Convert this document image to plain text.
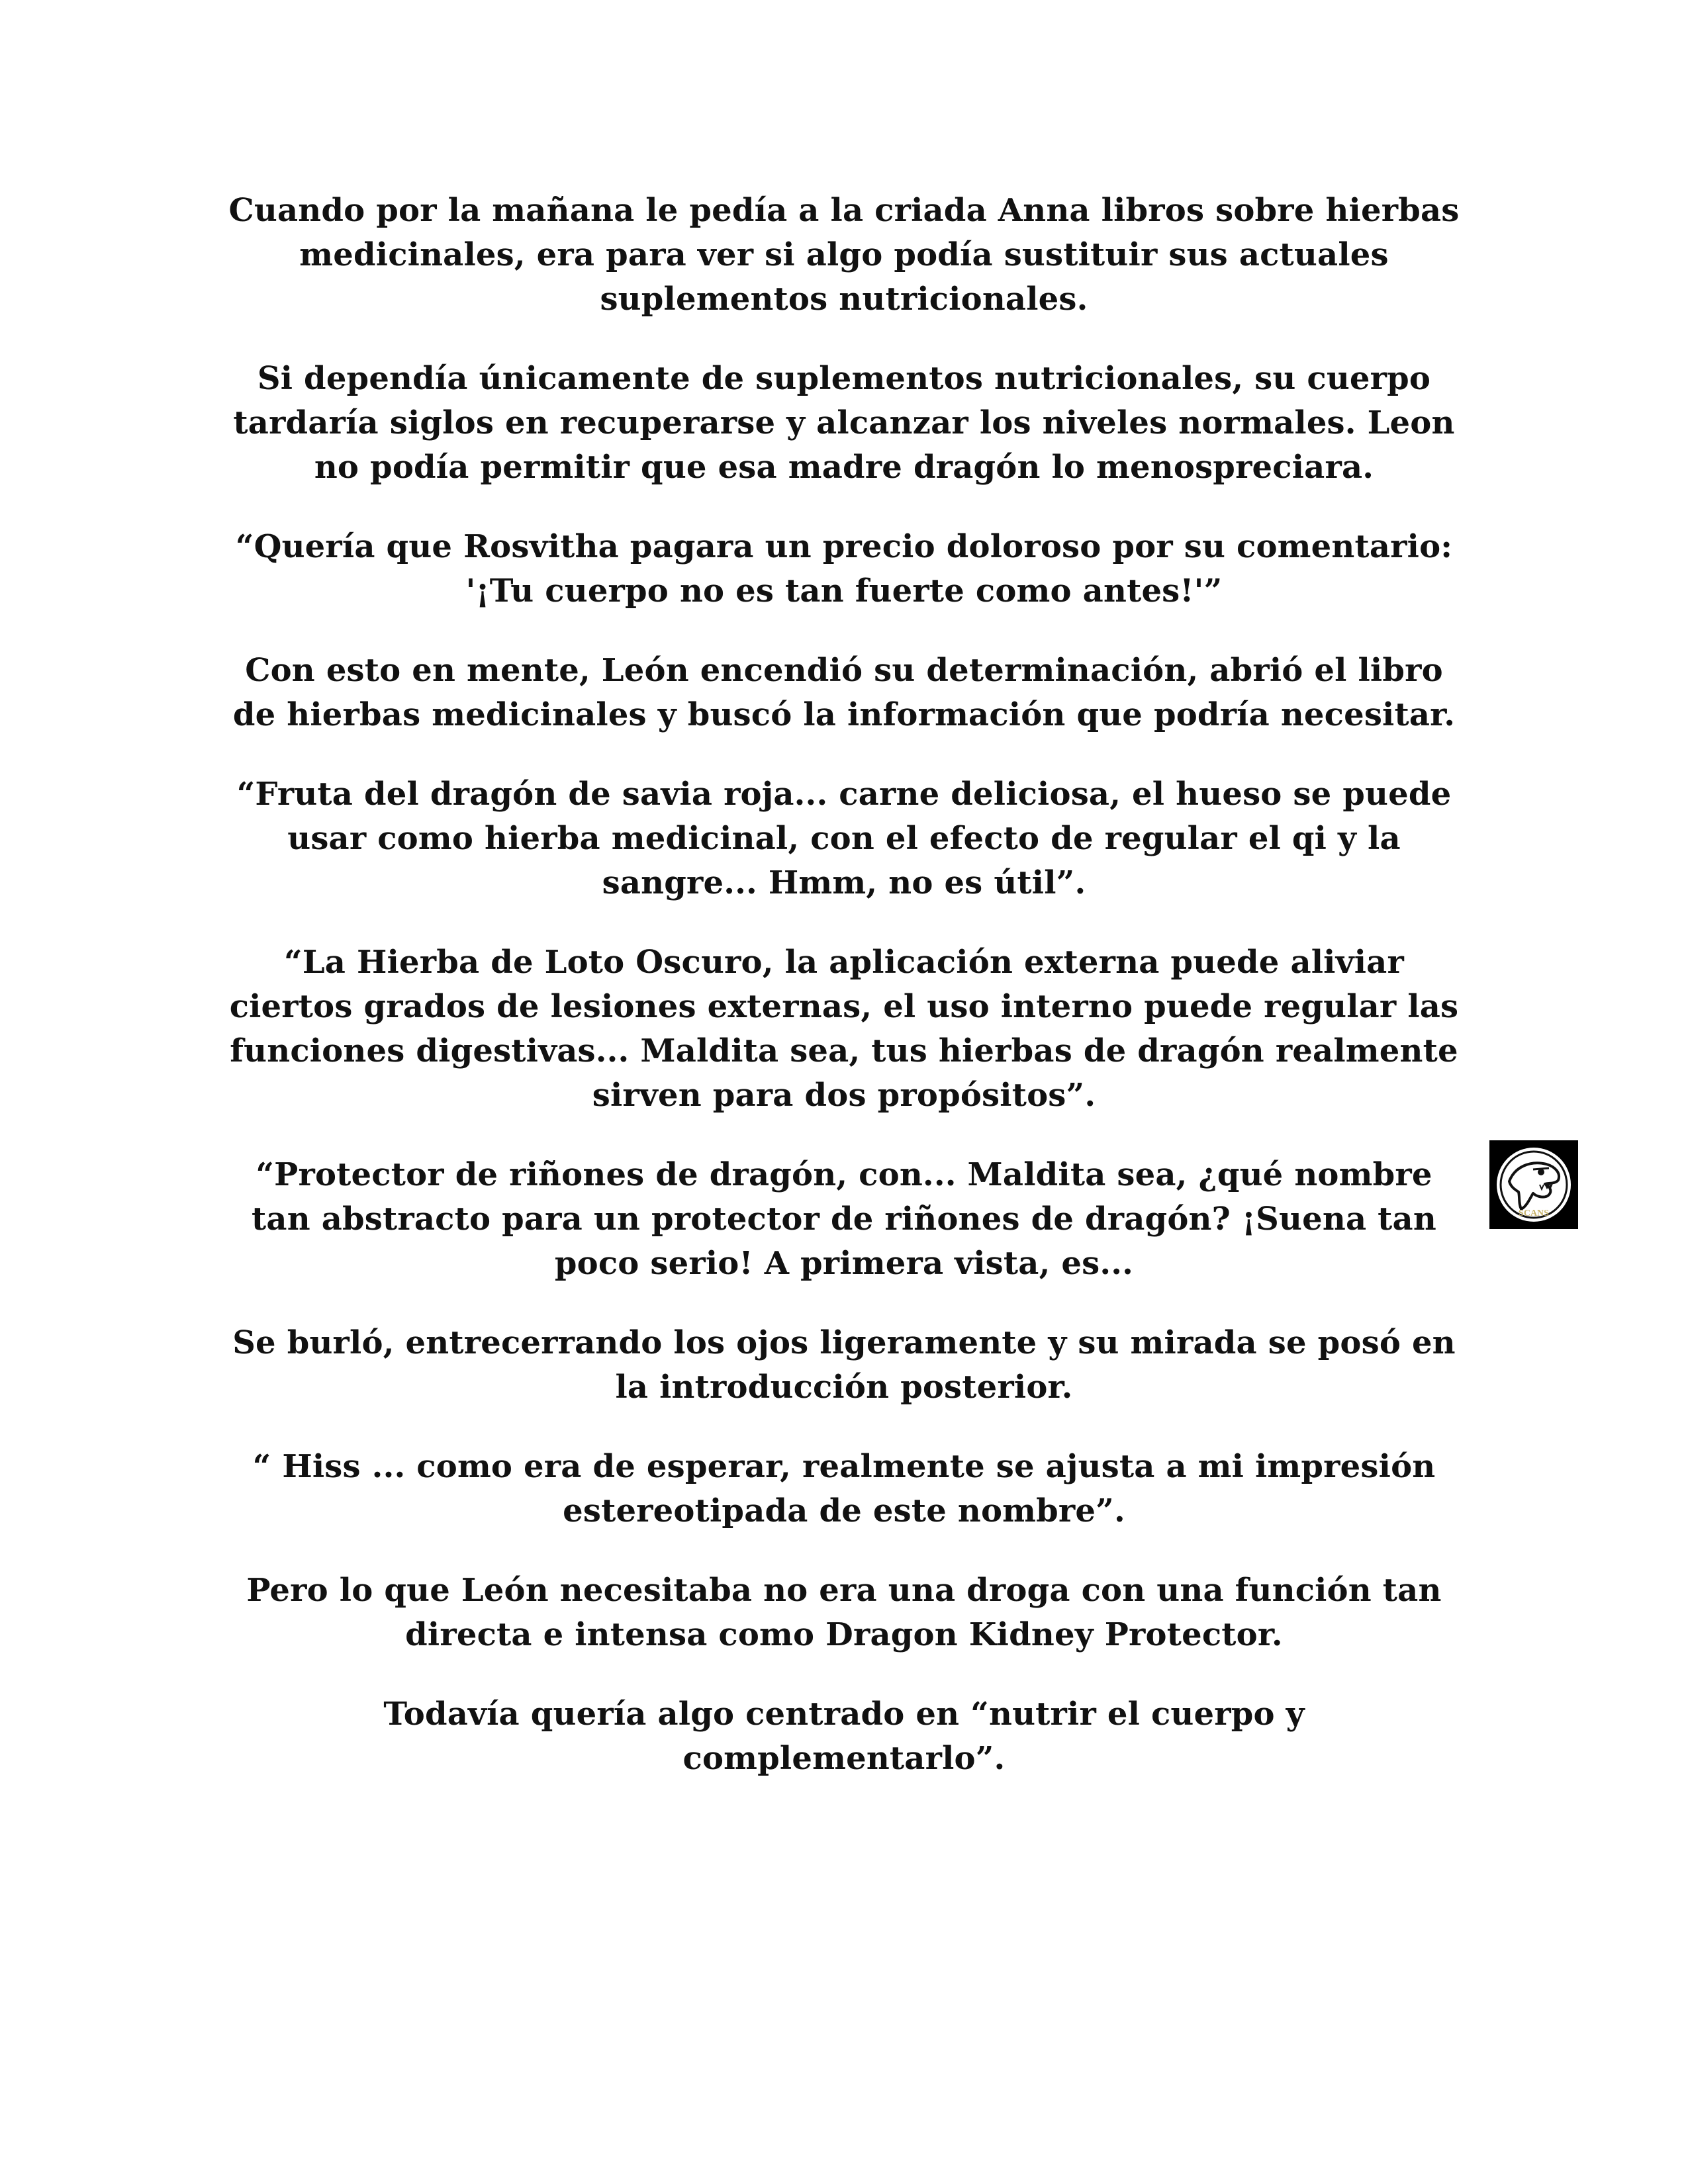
Cuando por la mañana le pedía a la criada Anna libros sobre hierbas medicinales, era para ver si algo podía sustituir sus actuales suplementos nutricionales.

Si dependía únicamente de suplementos nutricionales, su cuerpo tardaría siglos en recuperarse y alcanzar los niveles normales. Leon no podía permitir que esa madre dragón lo menospreciara.

“Quería que Rosvitha pagara un precio doloroso por su comentario: '¡Tu cuerpo no es tan fuerte como antes!'”

Con esto en mente, León encendió su determinación, abrió el libro de hierbas medicinales y buscó la información que podría necesitar.

“Fruta del dragón de savia roja... carne deliciosa, el hueso se puede usar como hierba medicinal, con el efecto de regular el qi y la sangre... Hmm, no es útil”.

“La Hierba de Loto Oscuro, la aplicación externa puede aliviar ciertos grados de lesiones externas, el uso interno puede regular las funciones digestivas... Maldita sea, tus hierbas de dragón realmente sirven para dos propósitos”.

“Protector de riñones de dragón, con... Maldita sea, ¿qué nombre tan abstracto para un protector de riñones de dragón? ¡Suena tan poco serio! A primera vista, es...

Se burló, entrecerrando los ojos ligeramente y su mirada se posó en la introducción posterior.

“ Hiss ... como era de esperar, realmente se ajusta a mi impresión estereotipada de este nombre”.

Pero lo que León necesitaba no era una droga con una función tan directa e intensa como Dragon Kidney Protector.

Todavía quería algo centrado en “nutrir el cuerpo y complementarlo”.

SCANS
